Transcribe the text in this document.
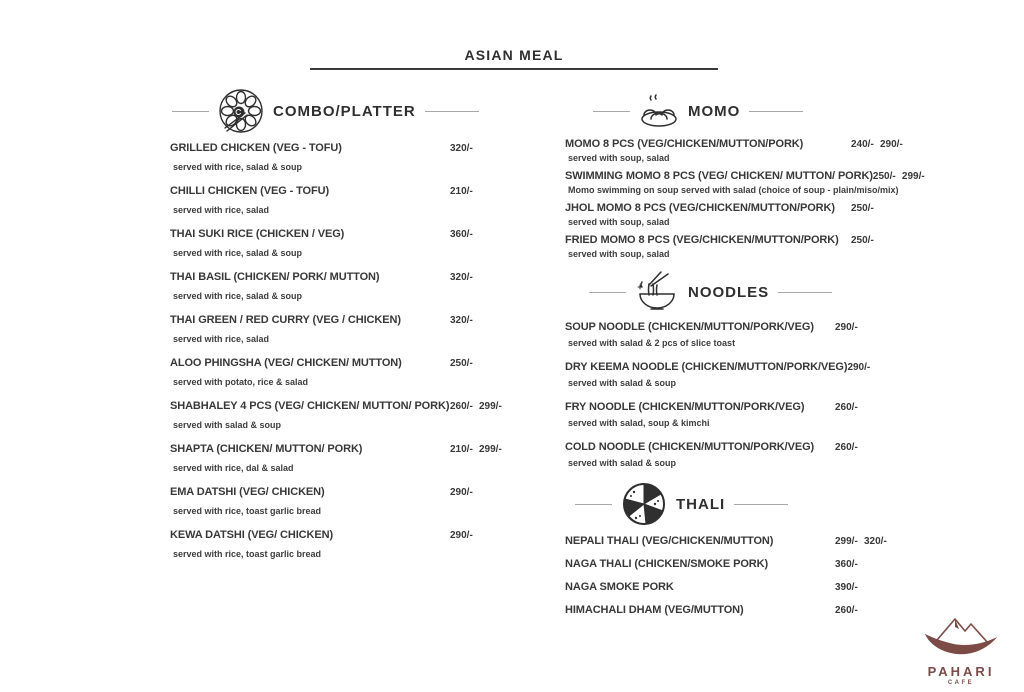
ASIAN MEAL
COMBO/PLATTER
GRILLED CHICKEN (VEG - TOFU)	320/-
served with rice, salad & soup
CHILLI CHICKEN (VEG - TOFU)	210/-
served with rice, salad
THAI SUKI RICE (CHICKEN / VEG)	360/-
served with rice, salad & soup
THAI BASIL (CHICKEN/ PORK/ MUTTON)	320/-
served with rice, salad & soup
THAI GREEN / RED CURRY (VEG / CHICKEN)	320/-
served with rice, salad
ALOO PHINGSHA (VEG/ CHICKEN/ MUTTON)	250/-
served with potato, rice & salad
SHABHALEY 4 PCS (VEG/ CHICKEN/ MUTTON/ PORK) 260/- 299/-
served with salad & soup
SHAPTA (CHICKEN/ MUTTON/ PORK)	210/- 299/-
served with rice, dal & salad
EMA DATSHI (VEG/ CHICKEN)	290/-
served with rice, toast garlic bread
KEWA DATSHI (VEG/ CHICKEN)	290/-
served with rice, toast garlic bread
MOMO
MOMO 8 PCS (VEG/CHICKEN/MUTTON/PORK)	240/- 290/-
served with soup, salad
SWIMMING MOMO 8 PCS (VEG/ CHICKEN/ MUTTON/ PORK) 250/- 299/-
Momo swimming on soup served with salad (choice of soup - plain/miso/mix)
JHOL MOMO 8 PCS (VEG/CHICKEN/MUTTON/PORK)	250/-
served with soup, salad
FRIED MOMO 8 PCS (VEG/CHICKEN/MUTTON/PORK)	250/-
served with soup, salad
NOODLES
SOUP NOODLE (CHICKEN/MUTTON/PORK/VEG)	290/-
served with salad & 2 pcs of slice toast
DRY KEEMA NOODLE (CHICKEN/MUTTON/PORK/VEG) 290/-
served with salad & soup
FRY NOODLE (CHICKEN/MUTTON/PORK/VEG)	260/-
served with salad, soup & kimchi
COLD NOODLE (CHICKEN/MUTTON/PORK/VEG)	260/-
served with salad & soup
THALI
NEPALI THALI (VEG/CHICKEN/MUTTON)	299/- 320/-
NAGA THALI (CHICKEN/SMOKE PORK)	360/-
NAGA SMOKE PORK	390/-
HIMACHALI DHAM (VEG/MUTTON)	260/-
PAHARI
CAFE
